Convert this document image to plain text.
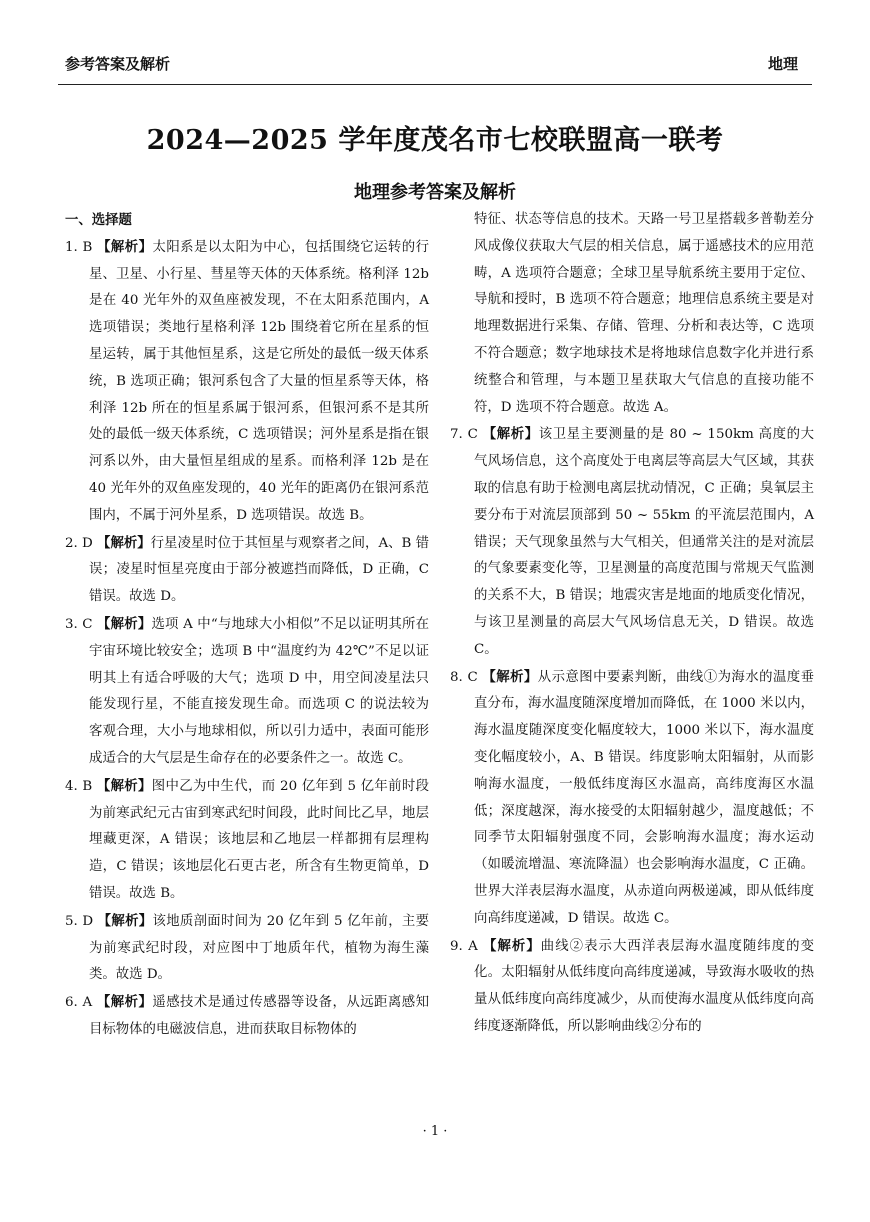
参考答案及解析	地理
2024—2025 学年度茂名市七校联盟高一联考
地理参考答案及解析
一、选择题

1. B 【解析】太阳系是以太阳为中心，包括围绕它运转的行星、卫星、小行星、彗星等天体的天体系统。格利泽 12b 是在 40 光年外的双鱼座被发现，不在太阳系范围内，A 选项错误；类地行星格利泽 12b 围绕着它所在星系的恒星运转，属于其他恒星系，这是它所处的最低一级天体系统，B 选项正确；银河系包含了大量的恒星系等天体，格利泽 12b 所在的恒星系属于银河系，但银河系不是其所处的最低一级天体系统，C 选项错误；河外星系是指在银河系以外，由大量恒星组成的星系。而格利泽 12b 是在 40 光年外的双鱼座发现的，40 光年的距离仍在银河系范围内，不属于河外星系，D 选项错误。故选 B。

2. D 【解析】行星凌星时位于其恒星与观察者之间，A、B 错误；凌星时恒星亮度由于部分被遮挡而降低，D 正确，C 错误。故选 D。

3. C 【解析】选项 A 中“与地球大小相似”不足以证明其所在宇宙环境比较安全；选项 B 中“温度约为 42℃”不足以证明其上有适合呼吸的大气；选项 D 中，用空间凌星法只能发现行星，不能直接发现生命。而选项 C 的说法较为客观合理，大小与地球相似，所以引力适中，表面可能形成适合的大气层是生命存在的必要条件之一。故选 C。

4. B 【解析】图中乙为中生代，而 20 亿年到 5 亿年前时段为前寒武纪元古宙到寒武纪时间段，此时间比乙早，地层埋藏更深，A 错误；该地层和乙地层一样都拥有层理构造，C 错误；该地层化石更古老，所含有生物更简单，D 错误。故选 B。

5. D 【解析】该地质剖面时间为 20 亿年到 5 亿年前，主要为前寒武纪时段，对应图中丁地质年代，植物为海生藻类。故选 D。

6. A 【解析】遥感技术是通过传感器等设备，从远距离感知目标物体的电磁波信息，进而获取目标物体的

特征、状态等信息的技术。天路一号卫星搭载多普勒差分风成像仪获取大气层的相关信息，属于遥感技术的应用范畴，A 选项符合题意；全球卫星导航系统主要用于定位、导航和授时，B 选项不符合题意；地理信息系统主要是对地理数据进行采集、存储、管理、分析和表达等，C 选项不符合题意；数字地球技术是将地球信息数字化并进行系统整合和管理，与本题卫星获取大气信息的直接功能不符，D 选项不符合题意。故选 A。

7. C 【解析】该卫星主要测量的是 80 ~ 150km 高度的大气风场信息，这个高度处于电离层等高层大气区域，其获取的信息有助于检测电离层扰动情况，C 正确；臭氧层主要分布于对流层顶部到 50 ~ 55km 的平流层范围内，A 错误；天气现象虽然与大气相关，但通常关注的是对流层的气象要素变化等，卫星测量的高度范围与常规天气监测的关系不大，B 错误；地震灾害是地面的地质变化情况，与该卫星测量的高层大气风场信息无关，D 错误。故选 C。

8. C 【解析】从示意图中要素判断，曲线①为海水的温度垂直分布，海水温度随深度增加而降低，在 1000 米以内，海水温度随深度变化幅度较大，1000 米以下，海水温度变化幅度较小，A、B 错误。纬度影响太阳辐射，从而影响海水温度，一般低纬度海区水温高，高纬度海区水温低；深度越深，海水接受的太阳辐射越少，温度越低；不同季节太阳辐射强度不同，会影响海水温度；海水运动（如暖流增温、寒流降温）也会影响海水温度，C 正确。世界大洋表层海水温度，从赤道向两极递减，即从低纬度向高纬度递减，D 错误。故选 C。

9. A 【解析】曲线②表示大西洋表层海水温度随纬度的变化。太阳辐射从低纬度向高纬度递减，导致海水吸收的热量从低纬度向高纬度减少，从而使海水温度从低纬度向高纬度逐渐降低，所以影响曲线②分布的

· 1 ·
